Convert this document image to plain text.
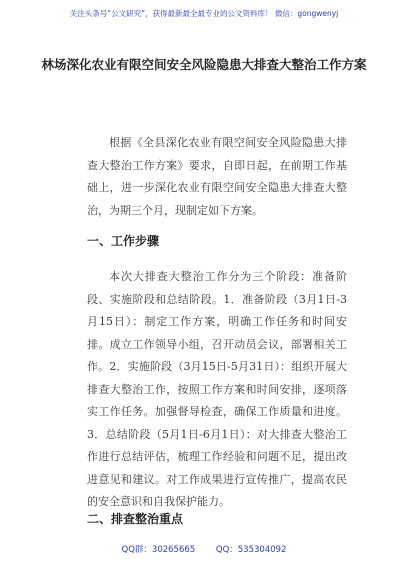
关注头条号“公文研究”，获得最新最全最专业的公文资料库！ 微信：gongwenyj
林场深化农业有限空间安全风险隐患大排查大整治工作方案

根据《全县深化农业有限空间安全风险隐患大排查大整治工作方案》要求，自即日起，在前期工作基础上，进一步深化农业有限空间安全隐患大排查大整治，为期三个月，现制定如下方案。

一、工作步骤

本次大排查大整治工作分为三个阶段：准备阶段、实施阶段和总结阶段。1．准备阶段（3月1日-3月15日）：制定工作方案，明确工作任务和时间安排。成立工作领导小组，召开动员会议，部署相关工作。2．实施阶段（3月15日-5月31日）：组织开展大排查大整治工作，按照工作方案和时间安排，逐项落实工作任务。加强督导检查，确保工作质量和进度。3．总结阶段（5月1日-6月1日）：对大排查大整治工作进行总结评估，梳理工作经验和问题不足，提出改进意见和建议。对工作成果进行宣传推广，提高农民的安全意识和自我保护能力。

二、排查整治重点
QQ群：30265665 QQ：535304092
